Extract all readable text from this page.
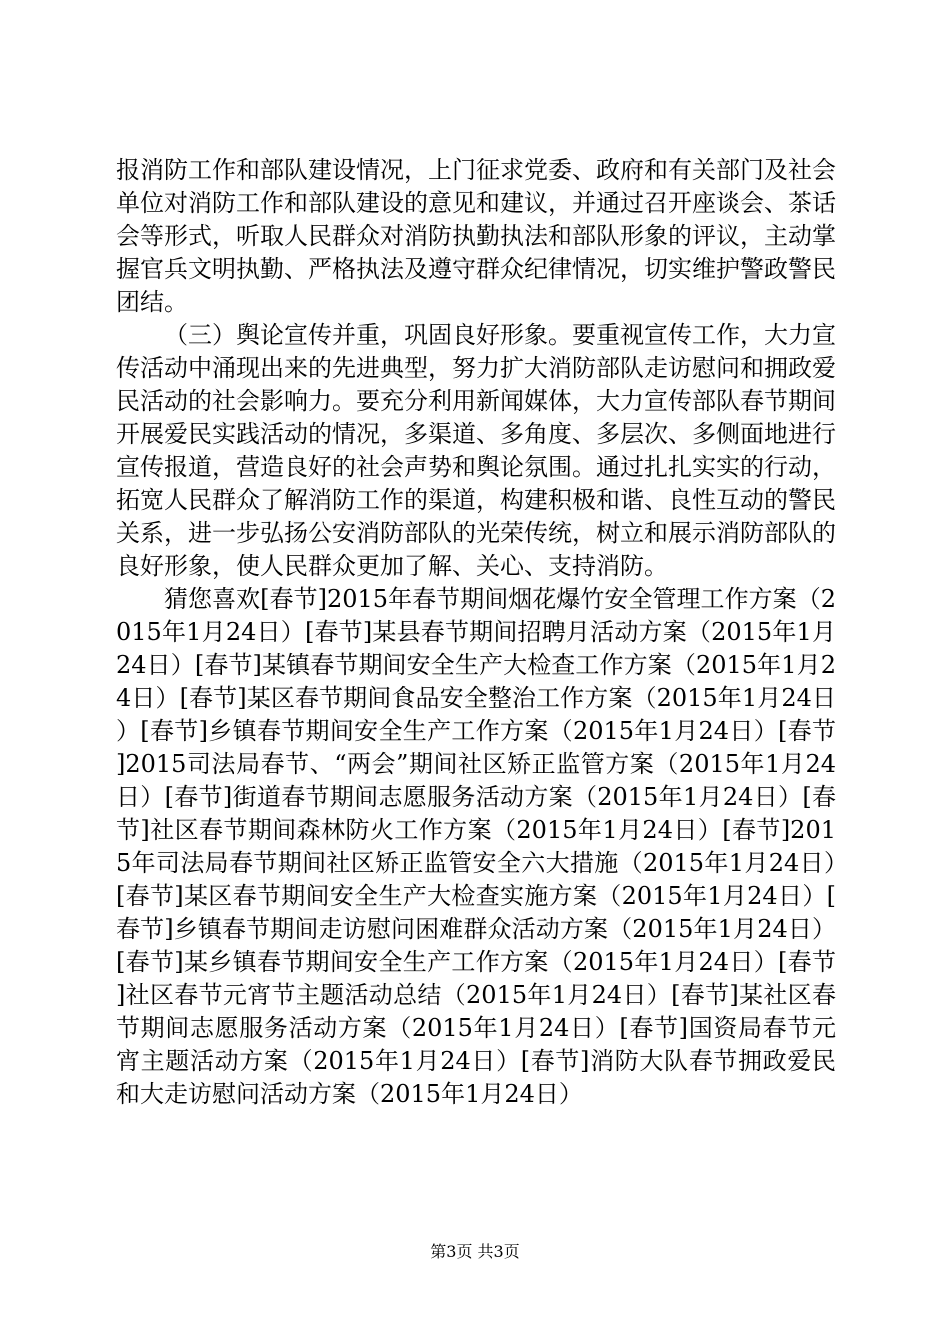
报消防工作和部队建设情况，上门征求党委、政府和有关部门及社会单位对消防工作和部队建设的意见和建议，并通过召开座谈会、茶话会等形式，听取人民群众对消防执勤执法和部队形象的评议，主动掌握官兵文明执勤、严格执法及遵守群众纪律情况，切实维护警政警民团结。

（三）舆论宣传并重，巩固良好形象。要重视宣传工作，大力宣传活动中涌现出来的先进典型，努力扩大消防部队走访慰问和拥政爱民活动的社会影响力。要充分利用新闻媒体，大力宣传部队春节期间开展爱民实践活动的情况，多渠道、多角度、多层次、多侧面地进行宣传报道，营造良好的社会声势和舆论氛围。通过扎扎实实的行动，拓宽人民群众了解消防工作的渠道，构建积极和谐、良性互动的警民关系，进一步弘扬公安消防部队的光荣传统，树立和展示消防部队的良好形象，使人民群众更加了解、关心、支持消防。

猜您喜欢[春节]2015年春节期间烟花爆竹安全管理工作方案（2015年1月24日）[春节]某县春节期间招聘月活动方案（2015年1月24日）[春节]某镇春节期间安全生产大检查工作方案（2015年1月24日）[春节]某区春节期间食品安全整治工作方案（2015年1月24日）[春节]乡镇春节期间安全生产工作方案（2015年1月24日）[春节]2015司法局春节、“两会”期间社区矫正监管方案（2015年1月24日）[春节]街道春节期间志愿服务活动方案（2015年1月24日）[春节]社区春节期间森林防火工作方案（2015年1月24日）[春节]2015年司法局春节期间社区矫正监管安全六大措施（2015年1月24日）[春节]某区春节期间安全生产大检查实施方案（2015年1月24日）[春节]乡镇春节期间走访慰问困难群众活动方案（2015年1月24日）[春节]某乡镇春节期间安全生产工作方案（2015年1月24日）[春节]社区春节元宵节主题活动总结（2015年1月24日）[春节]某社区春节期间志愿服务活动方案（2015年1月24日）[春节]国资局春节元宵主题活动方案（2015年1月24日）[春节]消防大队春节拥政爱民和大走访慰问活动方案（2015年1月24日）

第3页 共3页
